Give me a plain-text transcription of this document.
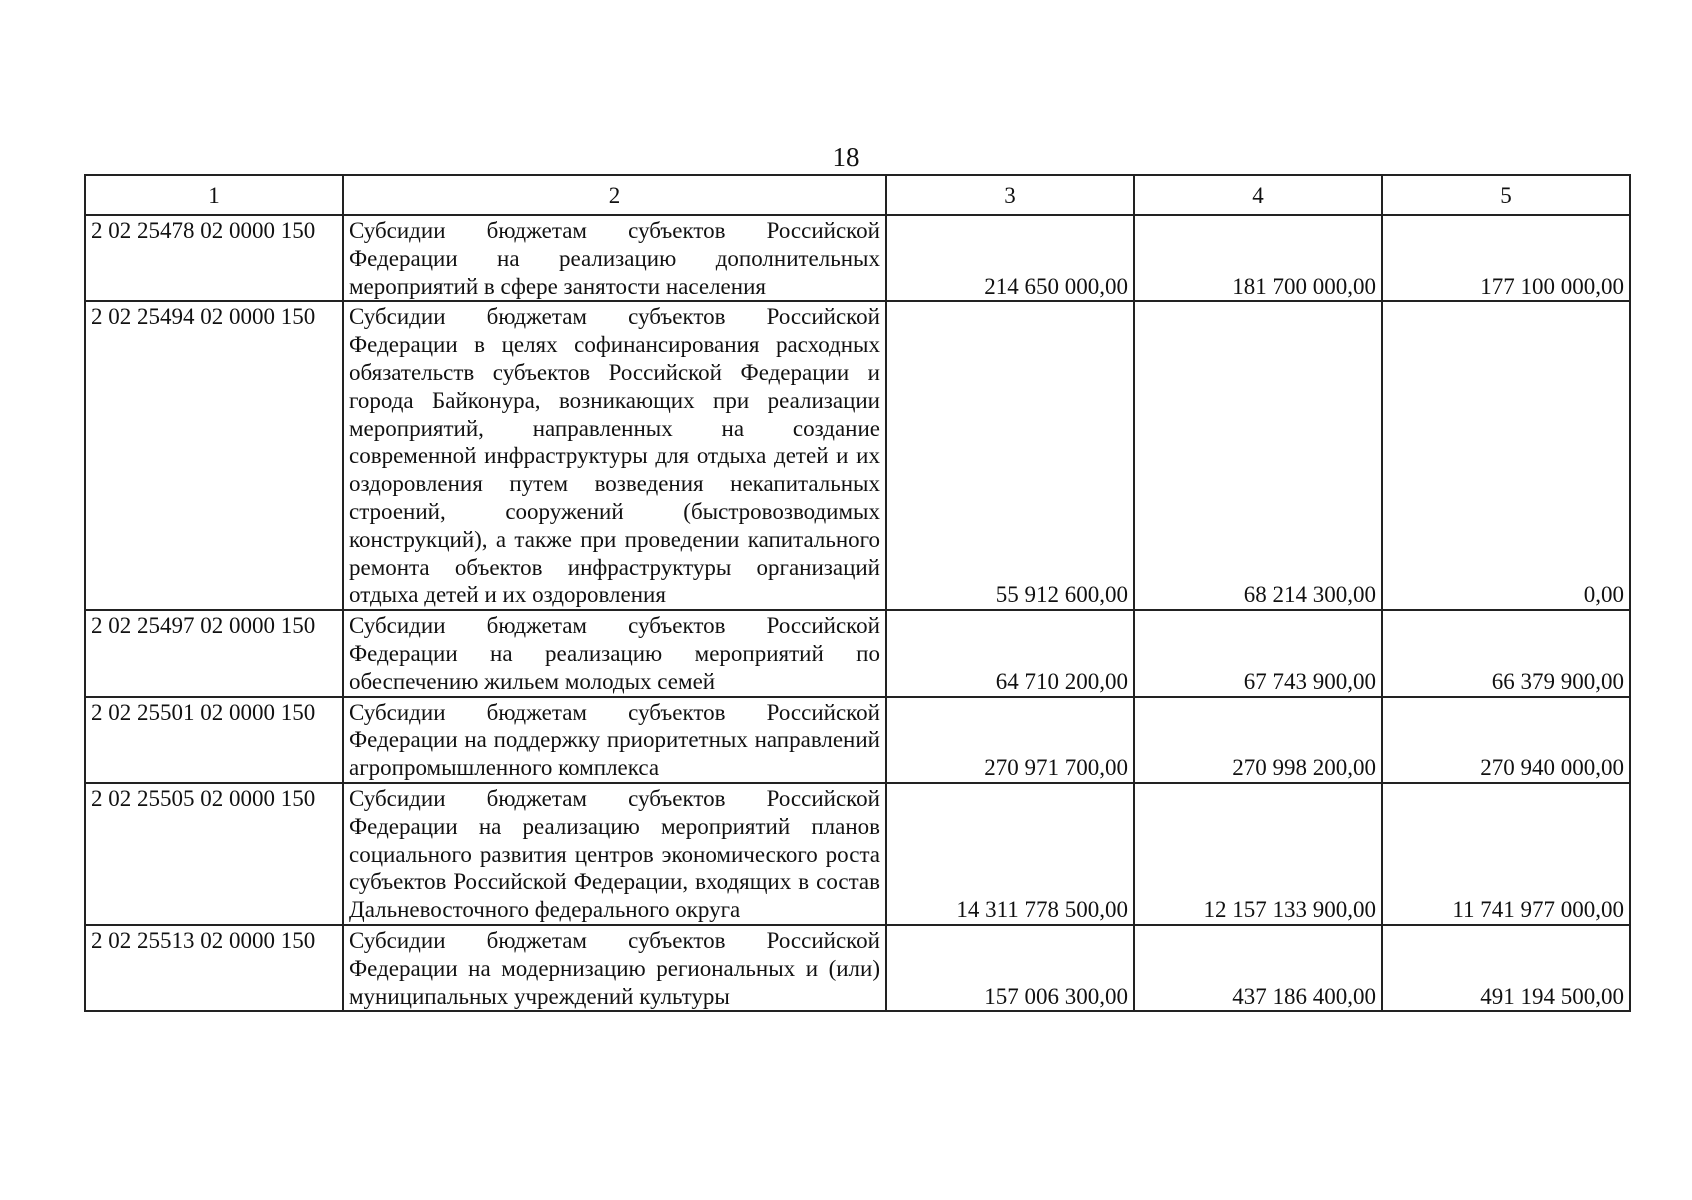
18
1	2	3	4	5
2 02 25478 02 0000 150	Субсидии бюджетам субъектов Российской Федерации на реализацию дополнительных мероприятий в сфере занятости населения	214 650 000,00	181 700 000,00	177 100 000,00
2 02 25494 02 0000 150	Субсидии бюджетам субъектов Российской Федерации в целях софинансирования расходных обязательств субъектов Российской Федерации и города Байконура, возникающих при реализации мероприятий, направленных на создание современной инфраструктуры для отдыха детей и их оздоровления путем возведения некапитальных строений, сооружений (быстровозводимых конструкций), а также при проведении капитального ремонта объектов инфраструктуры организаций отдыха детей и их оздоровления	55 912 600,00	68 214 300,00	0,00
2 02 25497 02 0000 150	Субсидии бюджетам субъектов Российской Федерации на реализацию мероприятий по обеспечению жильем молодых семей	64 710 200,00	67 743 900,00	66 379 900,00
2 02 25501 02 0000 150	Субсидии бюджетам субъектов Российской Федерации на поддержку приоритетных направлений агропромышленного комплекса	270 971 700,00	270 998 200,00	270 940 000,00
2 02 25505 02 0000 150	Субсидии бюджетам субъектов Российской Федерации на реализацию мероприятий планов социального развития центров экономического роста субъектов Российской Федерации, входящих в состав Дальневосточного федерального округа	14 311 778 500,00	12 157 133 900,00	11 741 977 000,00
2 02 25513 02 0000 150	Субсидии бюджетам субъектов Российской Федерации на модернизацию региональных и (или) муниципальных учреждений культуры	157 006 300,00	437 186 400,00	491 194 500,00
